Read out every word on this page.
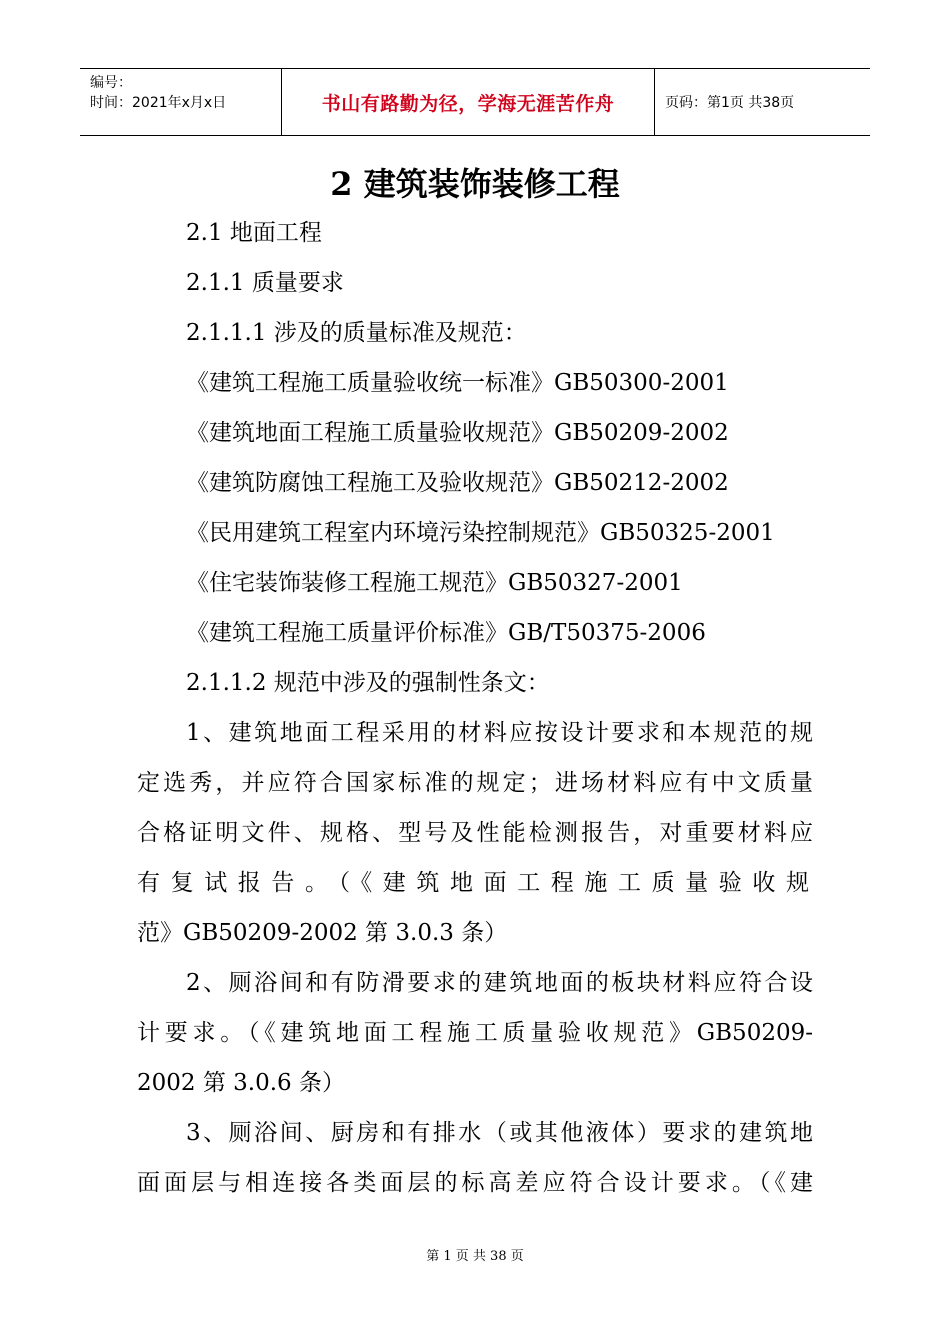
编号：
时间：2021年x月x日	书山有路勤为径，学海无涯苦作舟	页码：第1页 共38页
2 建筑装饰装修工程
2.1 地面工程
2.1.1 质量要求
2.1.1.1 涉及的质量标准及规范：
《建筑工程施工质量验收统一标准》GB50300-2001
《建筑地面工程施工质量验收规范》GB50209-2002
《建筑防腐蚀工程施工及验收规范》GB50212-2002
《民用建筑工程室内环境污染控制规范》GB50325-2001
《住宅装饰装修工程施工规范》GB50327-2001
《建筑工程施工质量评价标准》GB/T50375-2006
2.1.1.2 规范中涉及的强制性条文：
1、建筑地面工程采用的材料应按设计要求和本规范的规
定选秀，并应符合国家标准的规定；进场材料应有中文质量
合格证明文件、规格、型号及性能检测报告，对重要材料应
有复试报告。（《建筑地面工程施工质量验收规
范》GB50209-2002 第 3.0.3 条）
2、厕浴间和有防滑要求的建筑地面的板块材料应符合设
计要求。（《建筑地面工程施工质量验收规范》GB50209-
2002 第 3.0.6 条）
3、厕浴间、厨房和有排水（或其他液体）要求的建筑地
面面层与相连接各类面层的标高差应符合设计要求。（《建
第 1 页 共 38 页
